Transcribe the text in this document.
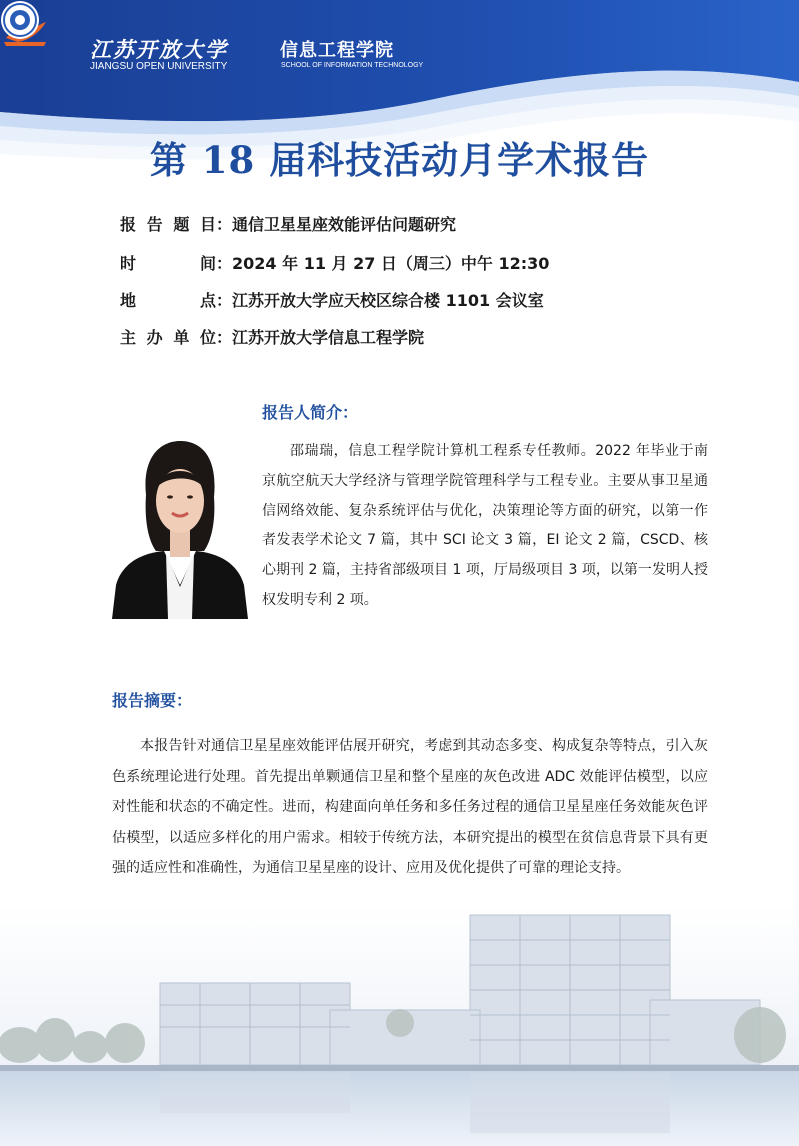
江苏开放大学
JIANGSU OPEN UNIVERSITY
信息工程学院
SCHOOL OF INFORMATION TECHNOLOGY
第 18 届科技活动月学术报告
报告题目：通信卫星星座效能评估问题研究
时间：2024 年 11 月 27 日（周三）中午 12:30
地点：江苏开放大学应天校区综合楼 1101 会议室
主办单位：江苏开放大学信息工程学院
报告人简介：

邵瑞瑞，信息工程学院计算机工程系专任教师。2022 年毕业于南京航空航天大学经济与管理学院管理科学与工程专业。主要从事卫星通信网络效能、复杂系统评估与优化，决策理论等方面的研究，以第一作者发表学术论文 7 篇，其中 SCI 论文 3 篇，EI 论文 2 篇，CSCD、核心期刊 2 篇，主持省部级项目 1 项，厅局级项目 3 项，以第一发明人授权发明专利 2 项。

报告摘要：

本报告针对通信卫星星座效能评估展开研究，考虑到其动态多变、构成复杂等特点，引入灰色系统理论进行处理。首先提出单颗通信卫星和整个星座的灰色改进 ADC 效能评估模型，以应对性能和状态的不确定性。进而，构建面向单任务和多任务过程的通信卫星星座任务效能灰色评估模型，以适应多样化的用户需求。相较于传统方法，本研究提出的模型在贫信息背景下具有更强的适应性和准确性，为通信卫星星座的设计、应用及优化提供了可靠的理论支持。
